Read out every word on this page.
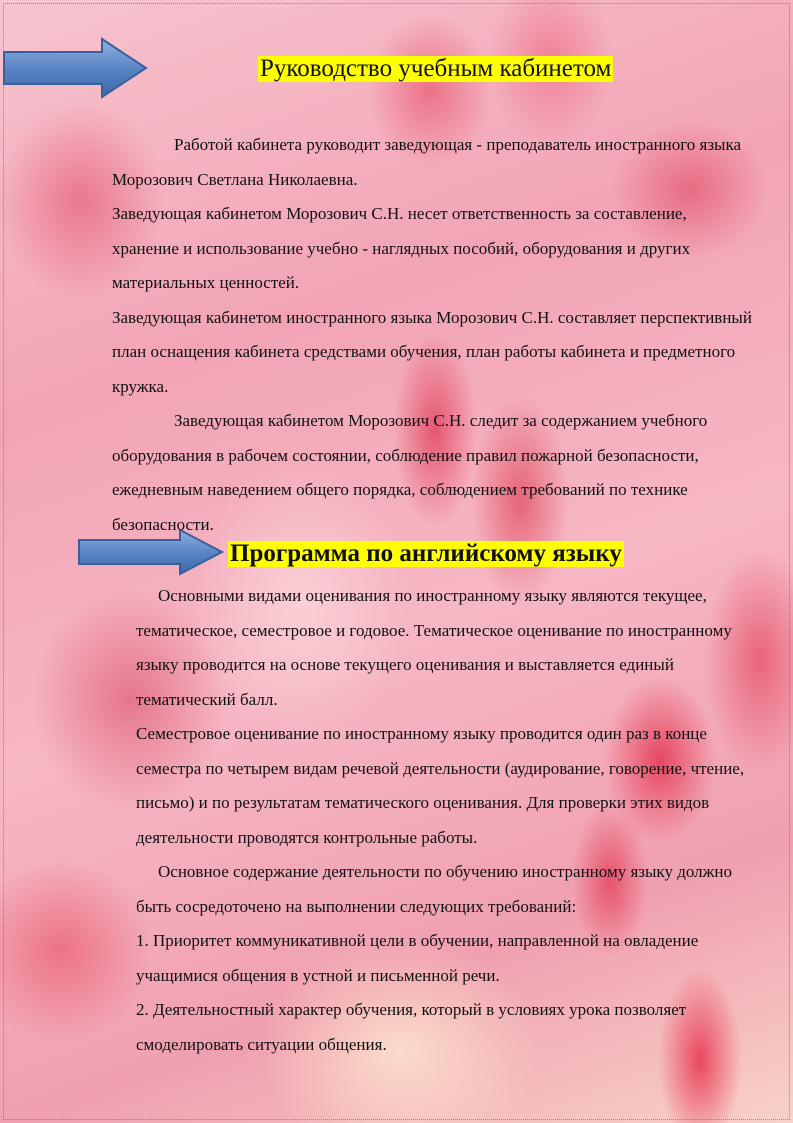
Руководство учебным кабинетом

Работой кабинета руководит заведующая ‑ преподаватель иностранного языка Морозович Светлана Николаевна.

Заведующая кабинетом Морозович С.Н. несет ответственность за составление, хранение и использование учебно ‑ наглядных пособий, оборудования и других материальных ценностей.

Заведующая кабинетом иностранного языка Морозович С.Н. составляет перспективный план оснащения кабинета средствами обучения, план работы кабинета и предметного кружка.

Заведующая кабинетом Морозович С.Н. следит за содержанием учебного оборудования в рабочем состоянии, соблюдение правил пожарной безопасности, ежедневным наведением общего порядка, соблюдением требований по технике безопасности.

Программа по английскому языку

Основными видами оценивания по иностранному языку являются текущее, тематическое, семестровое и годовое. Тематическое оценивание по иностранному языку проводится на основе текущего оценивания и выставляется единый тематический балл.

Семестровое оценивание по иностранному языку проводится один раз в конце семестра по четырем видам речевой деятельности (аудирование, говорение, чтение, письмо) и по результатам тематического оценивания. Для проверки этих видов деятельности проводятся контрольные работы.

Основное содержание деятельности по обучению иностранному языку должно быть сосредоточено на выполнении следующих требований:

1. Приоритет коммуникативной цели в обучении, направленной на овладение учащимися общения в устной и письменной речи.

2. Деятельностный характер обучения, который в условиях урока позволяет смоделировать ситуации общения.
